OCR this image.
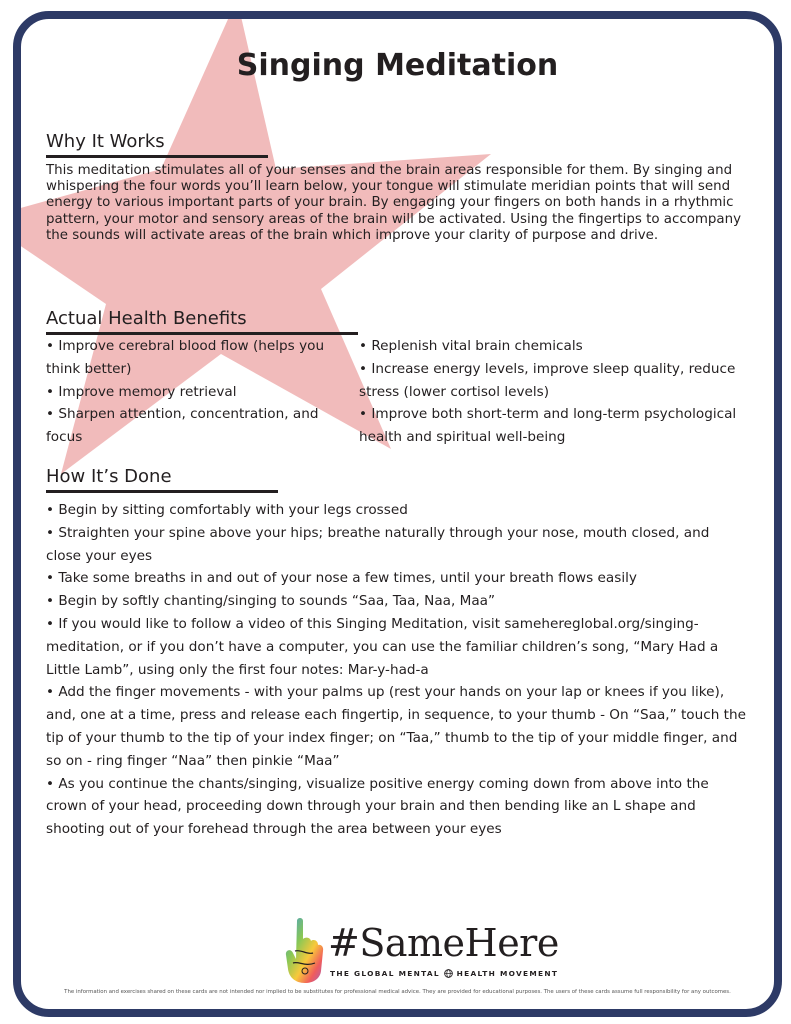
Singing Meditation
Why It Works

This meditation stimulates all of your senses and the brain areas responsible for them. By singing and whispering the four words you’ll learn below, your tongue will stimulate meridian points that will send energy to various important parts of your brain. By engaging your fingers on both hands in a rhythmic pattern, your motor and sensory areas of the brain will be activated. Using the fingertips to accompany the sounds will activate areas of the brain which improve your clarity of purpose and drive.

Actual Health Benefits
• Improve cerebral blood flow (helps you think better)
• Improve memory retrieval
• Sharpen attention, concentration, and focus
• Replenish vital brain chemicals
• Increase energy levels, improve sleep quality, reduce stress (lower cortisol levels)
• Improve both short-term and long-term psychological health and spiritual well-being
How It’s Done
• Begin by sitting comfortably with your legs crossed
• Straighten your spine above your hips; breathe naturally through your nose, mouth closed, and close your eyes
• Take some breaths in and out of your nose a few times, until your breath flows easily
• Begin by softly chanting/singing to sounds “Saa, Taa, Naa, Maa”
• If you would like to follow a video of this Singing Meditation, visit samehereglobal.org/singing-meditation, or if you don’t have a computer, you can use the familiar children’s song, “Mary Had a Little Lamb”, using only the first four notes: Mar-y-had-a
• Add the finger movements - with your palms up (rest your hands on your lap or knees if you like), and, one at a time, press and release each fingertip, in sequence, to your thumb - On “Saa,” touch the tip of your thumb to the tip of your index finger; on “Taa,” thumb to the tip of your middle finger, and so on - ring finger “Naa” then pinkie “Maa”
• As you continue the chants/singing, visualize positive energy coming down from above into the crown of your head, proceeding down through your brain and then bending like an L shape and shooting out of your forehead through the area between your eyes
#SameHere
THE GLOBAL MENTAL HEALTH MOVEMENT

The information and exercises shared on these cards are not intended nor implied to be substitutes for professional medical advice. They are provided for educational purposes. The users of these cards assume full responsibility for any outcomes.
